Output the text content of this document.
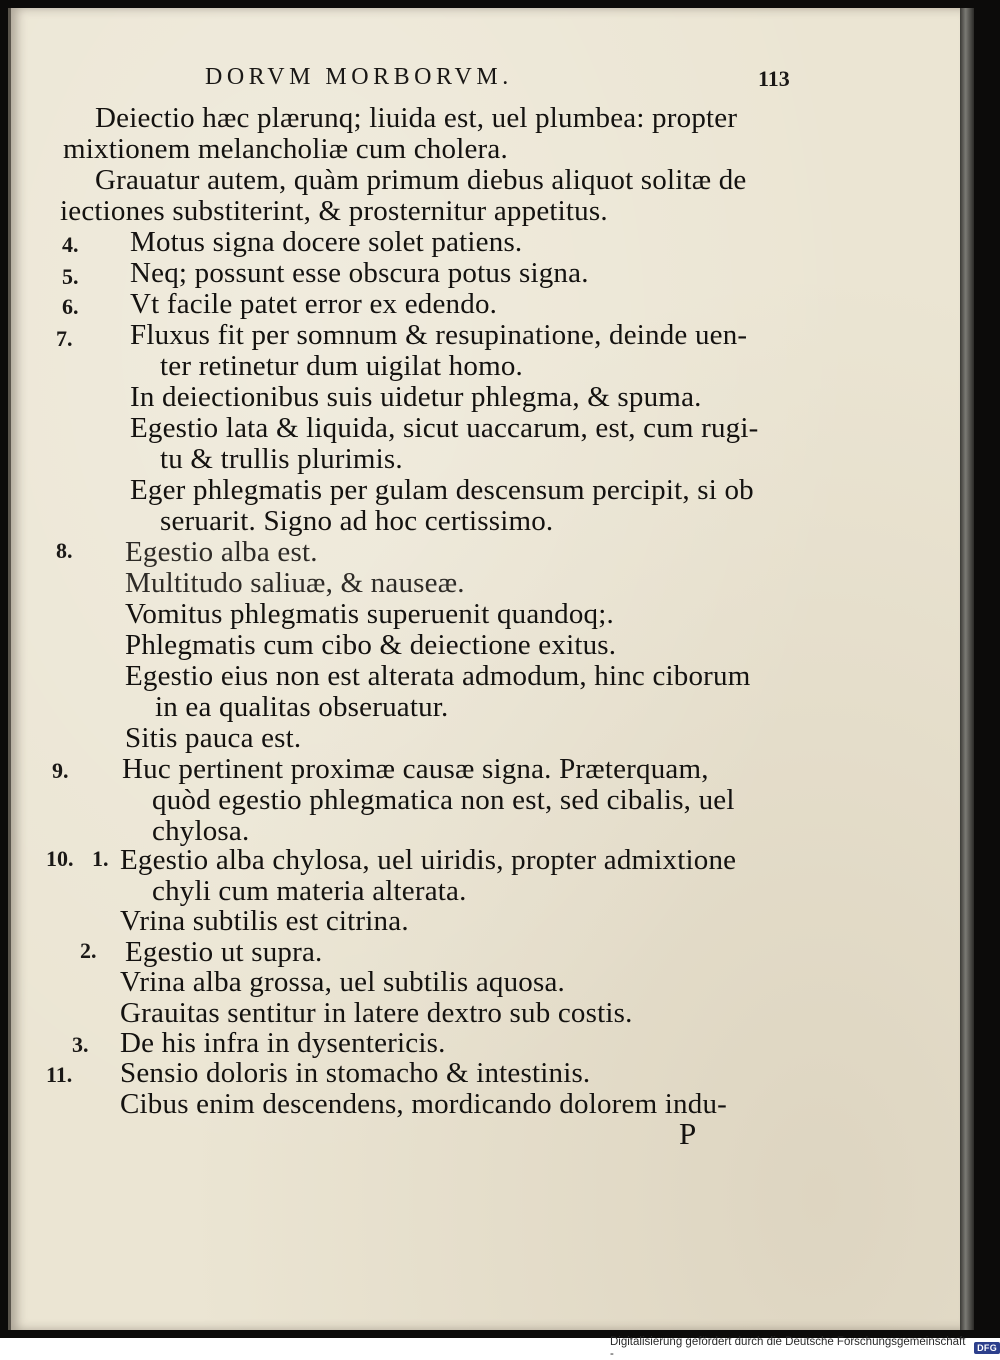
DORVM MORBORVM.	113
4.
5.
6.
7.
8.
9.
10. 1.
2.
3.
11.
Deiectio hæc plærunq; liuida est, uel plumbea: propter
mixtionem melancholiæ cum cholera.
Grauatur autem, quàm primum diebus aliquot solitæ de
iectiones substiterint, & prosternitur appetitus.
Motus signa docere solet patiens.
Neq; possunt esse obscura potus signa.
Vt facile patet error ex edendo.
Fluxus fit per somnum & resupinatione, deinde uen-
ter retinetur dum uigilat homo.
In deiectionibus suis uidetur phlegma, & spuma.
Egestio lata & liquida, sicut uaccarum, est, cum rugi-
tu & trullis plurimis.
Eger phlegmatis per gulam descensum percipit, si ob
seruarit. Signo ad hoc certissimo.
Egestio alba est.
Multitudo saliuæ, & nauseæ.
Vomitus phlegmatis superuenit quandoq;.
Phlegmatis cum cibo & deiectione exitus.
Egestio eius non est alterata admodum, hinc ciborum
in ea qualitas obseruatur.
Sitis pauca est.
Huc pertinent proximæ causæ signa. Præterquam,
quòd egestio phlegmatica non est, sed cibalis, uel
chylosa.
Egestio alba chylosa, uel uiridis, propter admixtione
chyli cum materia alterata.
Vrina subtilis est citrina.
Egestio ut supra.
Vrina alba grossa, uel subtilis aquosa.
Grauitas sentitur in latere dextro sub costis.
De his infra in dysentericis.
Sensio doloris in stomacho & intestinis.
Cibus enim descendens, mordicando dolorem indu-
P
Digitalisierung gefördert durch die Deutsche Forschungsgemeinschaft -	DFG
